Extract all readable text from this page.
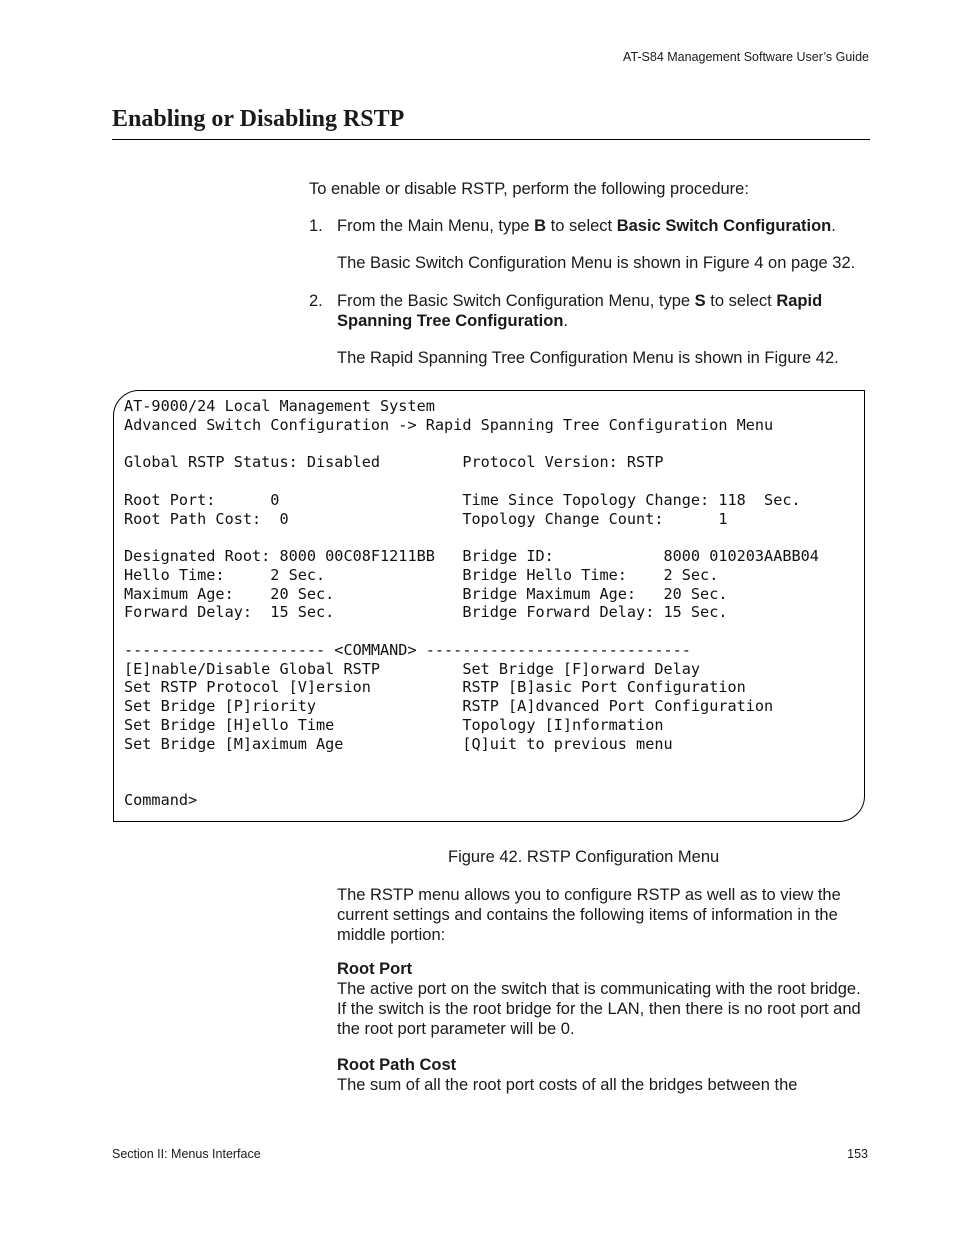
AT-S84 Management Software User’s Guide
Enabling or Disabling RSTP
To enable or disable RSTP, perform the following procedure:
1. From the Main Menu, type B to select Basic Switch Configuration.
The Basic Switch Configuration Menu is shown in Figure 4 on page 32.
2. From the Basic Switch Configuration Menu, type S to select Rapid Spanning Tree Configuration.
The Rapid Spanning Tree Configuration Menu is shown in Figure 42.
AT-9000/24 Local Management System
Advanced Switch Configuration -> Rapid Spanning Tree Configuration Menu
Global RSTP Status: Disabled         Protocol Version: RSTP
Root Port:      0                    Time Since Topology Change: 118  Sec.
Root Path Cost:  0                   Topology Change Count:      1
Designated Root: 8000 00C08F1211BB   Bridge ID:            8000 010203AABB04
Hello Time:     2 Sec.               Bridge Hello Time:    2 Sec.
Maximum Age:    20 Sec.              Bridge Maximum Age:   20 Sec.
Forward Delay:  15 Sec.              Bridge Forward Delay: 15 Sec.
---------------------- <COMMAND> -----------------------------
[E]nable/Disable Global RSTP         Set Bridge [F]orward Delay
Set RSTP Protocol [V]ersion          RSTP [B]asic Port Configuration
Set Bridge [P]riority                RSTP [A]dvanced Port Configuration
Set Bridge [H]ello Time              Topology [I]nformation
Set Bridge [M]aximum Age             [Q]uit to previous menu
Command>
Figure 42. RSTP Configuration Menu
The RSTP menu allows you to configure RSTP as well as to view the current settings and contains the following items of information in the middle portion:
Root Port
The active port on the switch that is communicating with the root bridge. If the switch is the root bridge for the LAN, then there is no root port and the root port parameter will be 0.
Root Path Cost
The sum of all the root port costs of all the bridges between the
Section II: Menus Interface	153
